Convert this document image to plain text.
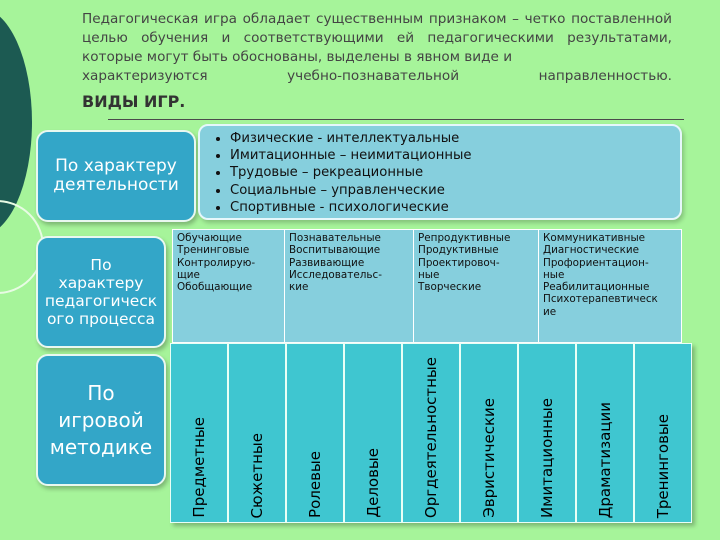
Педагогическая игра обладает существенным признаком – четко поставленной целью обучения и соответствующими ей педагогическими результатами, которые могут быть обоснованы, выделены в явном виде и

характеризуются учебно-познавательной направленностью.

ВИДЫ ИГР.
По характеру
деятельности
• Физические - интеллектуальные
• Имитационные – неимитационные
• Трудовые – рекреационные
• Социальные – управленческие
• Спортивные - психологические
По
характеру
педагогическ
ого процесса
Обучающие
Тренинговые
Контролирую-
щие
Обобщающие
Познавательные
Воспитывающие
Развивающие
Исследовательс-
кие
Репродуктивные
Продуктивные
Проектировоч-
ные
Творческие
Коммуникативные
Диагностические
Профориентацион-
ные
Реабилитационные
Психотерапевтическ
ие
По
игровой
методике	Предметные	Сюжетные	Ролевые	Деловые	Оргдеятельностные	Эвристические	Имитационные	Драматизации	Тренинговые
